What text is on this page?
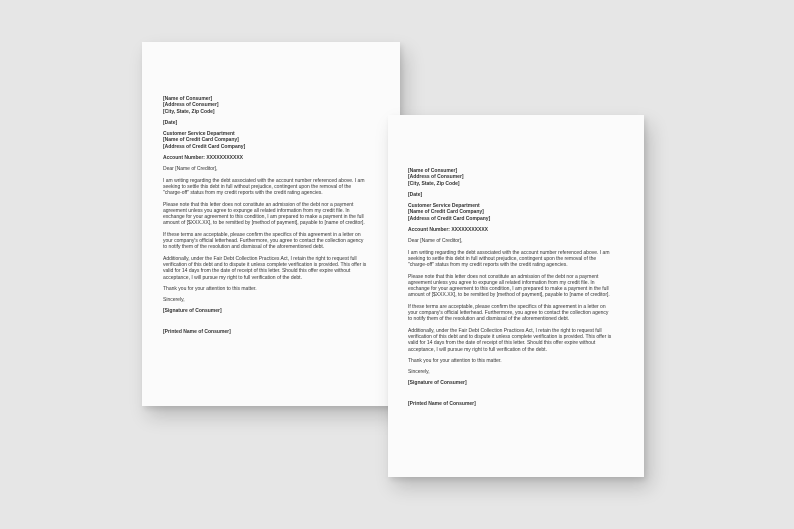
[Name of Consumer]
[Address of Consumer]
[City, State, Zip Code]
[Date]
Customer Service Department
[Name of Credit Card Company]
[Address of Credit Card Company]
Account Number: XXXXXXXXXXX
Dear [Name of Creditor],
I am writing regarding the debt associated with the account number referenced above. I am
seeking to settle this debt in full without prejudice, contingent upon the removal of the
"charge-off" status from my credit reports with the credit rating agencies.
Please note that this letter does not constitute an admission of the debt nor a payment
agreement unless you agree to expunge all related information from my credit file. In
exchange for your agreement to this condition, I am prepared to make a payment in the full
amount of [$XXX.XX], to be remitted by [method of payment], payable to [name of creditor].
If these terms are acceptable, please confirm the specifics of this agreement in a letter on
your company's official letterhead. Furthermore, you agree to contact the collection agency
to notify them of the resolution and dismissal of the aforementioned debt.
Additionally, under the Fair Debt Collection Practices Act, I retain the right to request full
verification of this debt and to dispute it unless complete verification is provided. This offer is
valid for 14 days from the date of receipt of this letter. Should this offer expire without
acceptance, I will pursue my right to full verification of the debt.
Thank you for your attention to this matter.
Sincerely,
[Signature of Consumer]
[Printed Name of Consumer]
[Name of Consumer]
[Address of Consumer]
[City, State, Zip Code]
[Date]
Customer Service Department
[Name of Credit Card Company]
[Address of Credit Card Company]
Account Number: XXXXXXXXXXX
Dear [Name of Creditor],
I am writing regarding the debt associated with the account number referenced above. I am
seeking to settle this debt in full without prejudice, contingent upon the removal of the
"charge-off" status from my credit reports with the credit rating agencies.
Please note that this letter does not constitute an admission of the debt nor a payment
agreement unless you agree to expunge all related information from my credit file. In
exchange for your agreement to this condition, I am prepared to make a payment in the full
amount of [$XXX.XX], to be remitted by [method of payment], payable to [name of creditor].
If these terms are acceptable, please confirm the specifics of this agreement in a letter on
your company's official letterhead. Furthermore, you agree to contact the collection agency
to notify them of the resolution and dismissal of the aforementioned debt.
Additionally, under the Fair Debt Collection Practices Act, I retain the right to request full
verification of this debt and to dispute it unless complete verification is provided. This offer is
valid for 14 days from the date of receipt of this letter. Should this offer expire without
acceptance, I will pursue my right to full verification of the debt.
Thank you for your attention to this matter.
Sincerely,
[Signature of Consumer]
[Printed Name of Consumer]
